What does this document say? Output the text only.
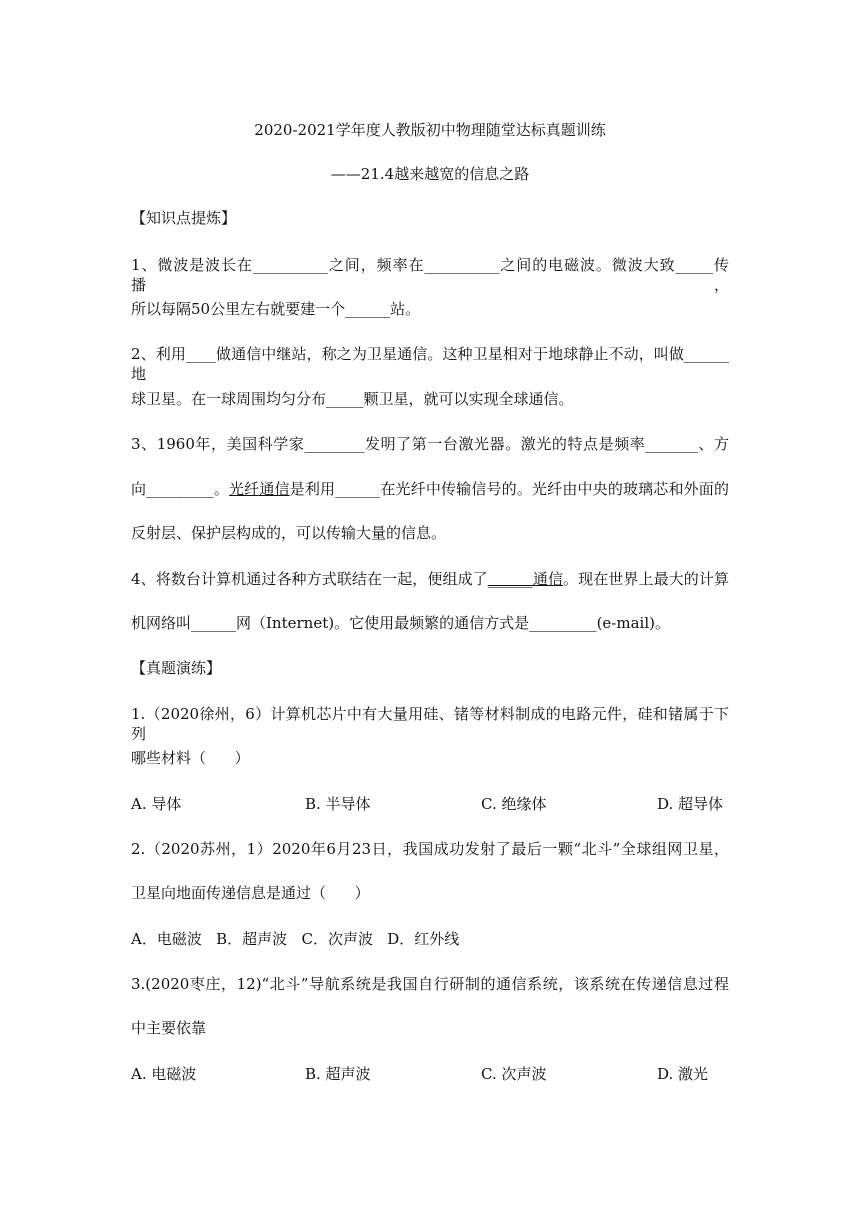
2020-2021学年度人教版初中物理随堂达标真题训练
——21.4越来越宽的信息之路
【知识点提炼】
1、微波是波长在__________之间，频率在__________之间的电磁波。微波大致_____传播，
所以每隔50公里左右就要建一个______站。
2、利用____做通信中继站，称之为卫星通信。这种卫星相对于地球静止不动，叫做______地
球卫星。在一球周围均匀分布_____颗卫星，就可以实现全球通信。
3、1960年，美国科学家________发明了第一台激光器。激光的特点是频率_______、方
向_________。光纤通信是利用______在光纤中传输信号的。光纤由中央的玻璃芯和外面的
反射层、保护层构成的，可以传输大量的信息。
4、将数台计算机通过各种方式联结在一起，便组成了______通信。现在世界上最大的计算
机网络叫______网（Internet)。它使用最频繁的通信方式是_________(e-mail)。
【真题演练】
1.（2020徐州，6）计算机芯片中有大量用硅、锗等材料制成的电路元件，硅和锗属于下列
哪些材料（      ）
A. 导体	B. 半导体	C. 绝缘体	D. 超导体
2.（2020苏州，1）2020年6月23日，我国成功发射了最后一颗“北斗”全球组网卫星，
卫星向地面传递信息是通过（      ）
A．电磁波   B．超声波   C．次声波   D．红外线
3.(2020枣庄，12)“北斗”导航系统是我国自行研制的通信系统，该系统在传递信息过程
中主要依靠
A. 电磁波	B. 超声波	C. 次声波	D. 激光
